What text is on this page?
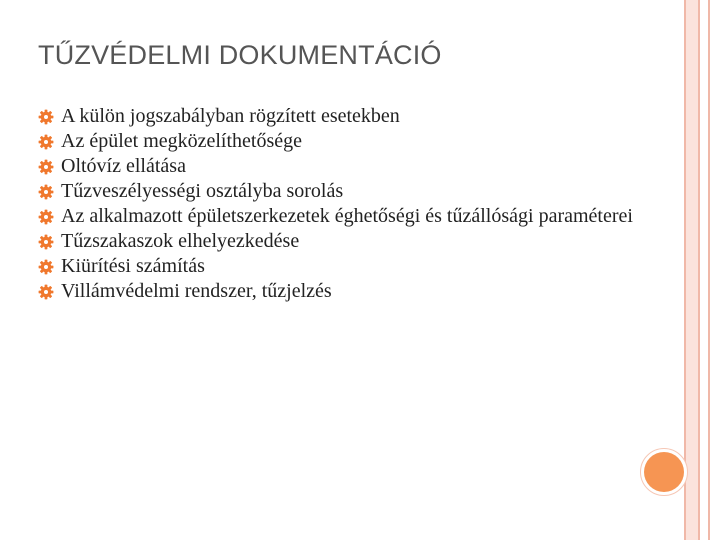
TŰZVÉDELMI DOKUMENTÁCIÓ
A külön jogszabályban rögzített esetekben
Az épület megközelíthetősége
Oltóvíz ellátása
Tűzveszélyességi osztályba sorolás
Az alkalmazott épületszerkezetek éghetőségi és tűzállósági paraméterei
Tűzszakaszok elhelyezkedése
Kiürítési számítás
Villámvédelmi rendszer, tűzjelzés
